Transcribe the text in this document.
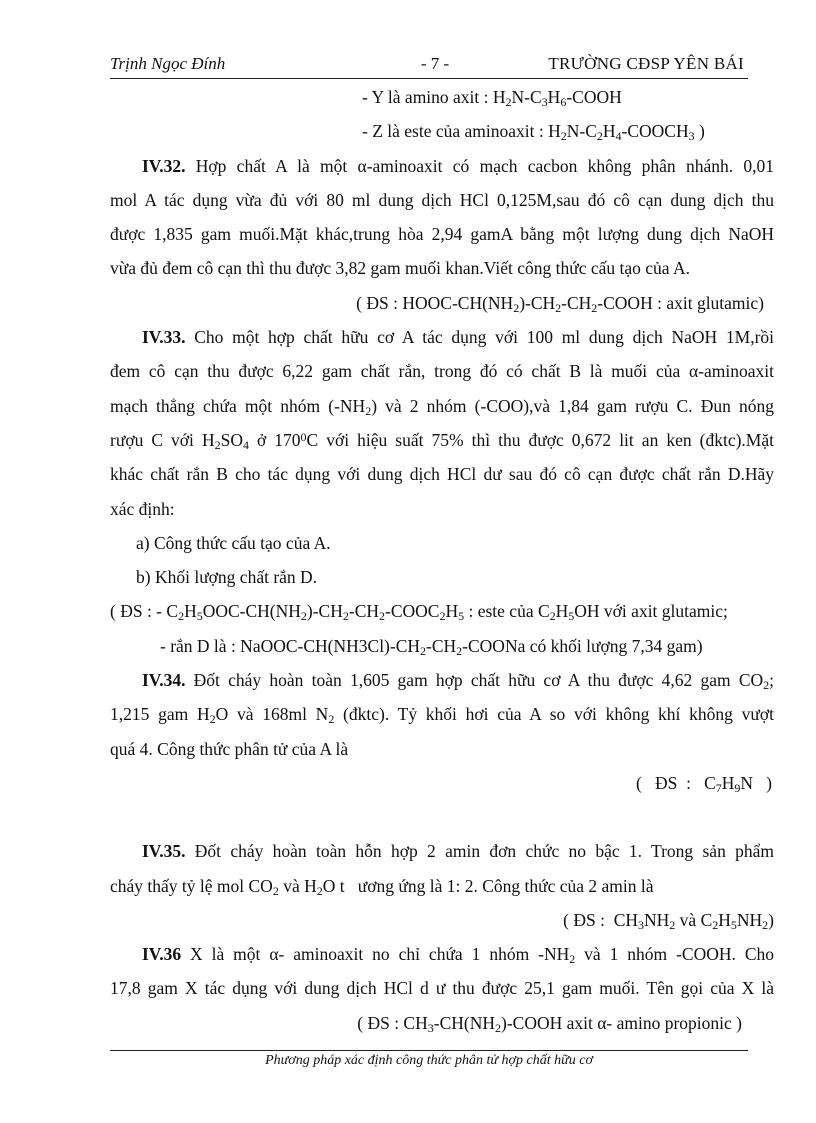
Trịnh Ngọc Đính	- 7 -	TRƯỜNG CĐSP YÊN BÁI
- Y là amino axit : $H_2N-C_3H_6$-COOH
- Z là este của aminoaxit : $H_2N-C_2H_4-COOCH_3$ )
IV.32. Hợp chất A là một α-aminoaxit có mạch cacbon không phân nhánh. 0,01
mol A tác dụng vừa đủ với 80 ml dung dịch HCl 0,125M,sau đó cô cạn dung dịch thu
được 1,835 gam muối.Mặt khác,trung hòa 2,94 gamA bằng một lượng dung dịch NaOH
vừa đủ đem cô cạn thì thu được 3,82 gam muối khan.Viết công thức cấu tạo của A.
( ĐS : HOOC-$CH(NH_2)-CH_2-CH_2$-COOH : axit glutamic)
IV.33. Cho một hợp chất hữu cơ A tác dụng với 100 ml dung dịch NaOH 1M,rồi
đem cô cạn thu được 6,22 gam chất rắn, trong đó có chất B là muối của α-aminoaxit
mạch thẳng chứa một nhóm $(-NH_2)$ và 2 nhóm (-COO),và 1,84 gam rượu C. Đun nóng
rượu C với $H_2SO_4$ ở $170^0C$ với hiệu suất 75% thì thu được 0,672 lit an ken (đktc).Mặt
khác chất rắn B cho tác dụng với dung dịch HCl dư sau đó cô cạn được chất rắn D.Hãy
xác định:
a) Công thức cấu tạo của A.
b) Khối lượng chất rắn D.
( ĐS : - $C_2H_5OOC-CH(NH_2)-CH_2-CH_2-COOC_2H_5$ : este của $C_2H_5OH$ với axit glutamic;
- rắn D là : NaOOC-$CH(NH3Cl)-CH_2-CH_2$-COONa có khối lượng 7,34 gam)
IV.34. Đốt cháy hoàn toàn 1,605 gam hợp chất hữu cơ A thu được 4,62 gam $CO_2$;
1,215 gam $H_2O$ và 168ml $N_2$ (đktc). Tỷ khối hơi của A so với không khí không vượt
quá 4. Công thức phân tử của A là
(   ĐS  :   $C_7H_9N$   )
IV.35. Đốt cháy hoàn toàn hỗn hợp 2 amin đơn chức no bậc 1. Trong sản phẩm
cháy thấy tỷ lệ mol $CO_2$ và $H_2O$ t   ương ứng là 1: 2. Công thức của 2 amin là
( ĐS :  $CH_3NH_2$ và $C_2H_5NH_2$)
IV.36 X là một α- aminoaxit no chỉ chứa 1 nhóm $-NH_2$ và 1 nhóm -COOH. Cho
17,8 gam X tác dụng với dung dịch HCl d ư thu được 25,1 gam muối. Tên gọi của X là
( ĐS : $CH_3-CH(NH_2)$-COOH axit α- amino propionic )
Phương pháp xác định công thức phân tử hợp chất hữu cơ
